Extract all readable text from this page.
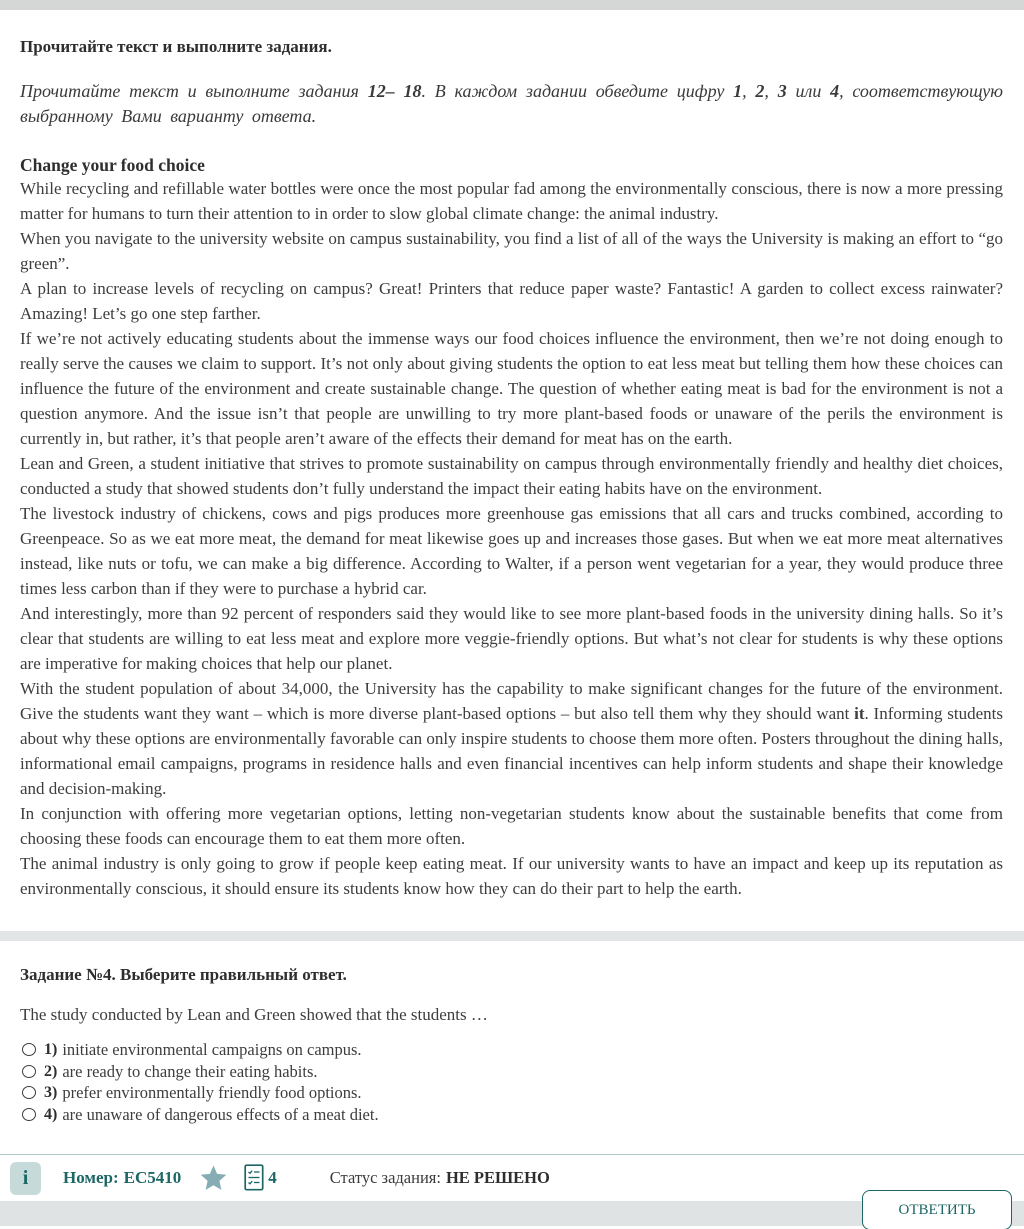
Прочитайте текст и выполните задания.

Прочитайте текст и выполните задания 12– 18. В каждом задании обведите цифру 1, 2, 3 или 4, соответствующую выбранному Вами варианту ответа.

Change your food choice

While recycling and refillable water bottles were once the most popular fad among the environmentally conscious, there is now a more pressing matter for humans to turn their attention to in order to slow global climate change: the animal industry.

When you navigate to the university website on campus sustainability, you find a list of all of the ways the University is making an effort to “go green”.

A plan to increase levels of recycling on campus? Great! Printers that reduce paper waste? Fantastic! A garden to collect excess rainwater? Amazing! Let’s go one step farther.

If we’re not actively educating students about the immense ways our food choices influence the environment, then we’re not doing enough to really serve the causes we claim to support. It’s not only about giving students the option to eat less meat but telling them how these choices can influence the future of the environment and create sustainable change. The question of whether eating meat is bad for the environment is not a question anymore. And the issue isn’t that people are unwilling to try more plant-based foods or unaware of the perils the environment is currently in, but rather, it’s that people aren’t aware of the effects their demand for meat has on the earth.

Lean and Green, a student initiative that strives to promote sustainability on campus through environmentally friendly and healthy diet choices, conducted a study that showed students don’t fully understand the impact their eating habits have on the environment.

The livestock industry of chickens, cows and pigs produces more greenhouse gas emissions that all cars and trucks combined, according to Greenpeace. So as we eat more meat, the demand for meat likewise goes up and increases those gases. But when we eat more meat alternatives instead, like nuts or tofu, we can make a big difference. According to Walter, if a person went vegetarian for a year, they would produce three times less carbon than if they were to purchase a hybrid car.

And interestingly, more than 92 percent of responders said they would like to see more plant-based foods in the university dining halls. So it’s clear that students are willing to eat less meat and explore more veggie-friendly options. But what’s not clear for students is why these options are imperative for making choices that help our planet.

With the student population of about 34,000, the University has the capability to make significant changes for the future of the environment. Give the students want they want – which is more diverse plant-based options – but also tell them why they should want it. Informing students about why these options are environmentally favorable can only inspire students to choose them more often. Posters throughout the dining halls, informational email campaigns, programs in residence halls and even financial incentives can help inform students and shape their knowledge and decision-making.

In conjunction with offering more vegetarian options, letting non-vegetarian students know about the sustainable benefits that come from choosing these foods can encourage them to eat them more often.

The animal industry is only going to grow if people keep eating meat. If our university wants to have an impact and keep up its reputation as environmentally conscious, it should ensure its students know how they can do their part to help the earth.

Задание №4. Выберите правильный ответ.

The study conducted by Lean and Green showed that the students …

1) initiate environmental campaigns on campus.
2) are ready to change their eating habits.
3) prefer environmentally friendly food options.
4) are unaware of dangerous effects of a meat diet.
i	Номер: EC5410	4	Статус задания: НЕ РЕШЕНО
ОТВЕТИТЬ
